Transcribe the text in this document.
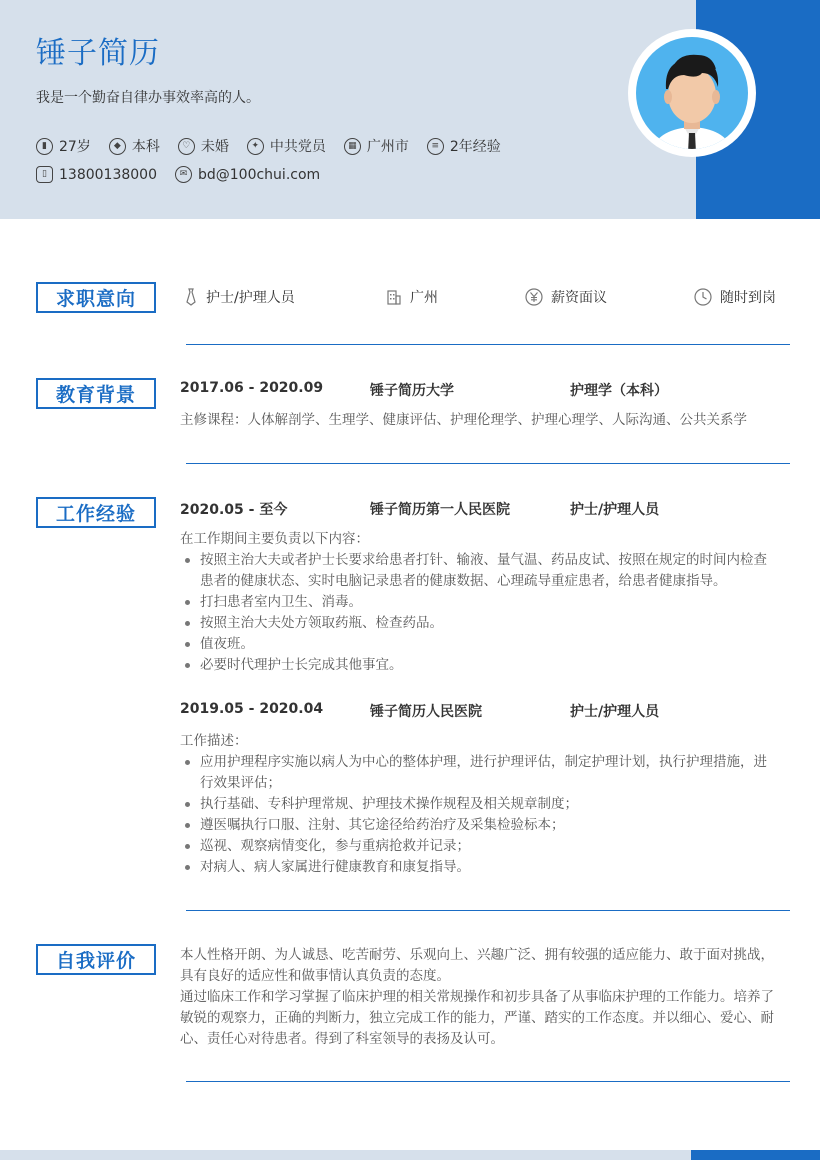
锤子简历
我是一个勤奋自律办事效率高的人。
▮ 27岁	◆ 本科	♡ 未婚	✦ 中共党员	▦ 广州市	≡ 2年经验
▯ 13800138000	✉ bd@100chui.com
求职意向	护士/护理人员	广州	薪资面议	随时到岗
教育背景	2017.06 - 2020.09	锤子简历大学	护理学（本科）
主修课程：人体解剖学、生理学、健康评估、护理伦理学、护理心理学、人际沟通、公共关系学
工作经验	2020.05 - 至今	锤子简历第一人民医院	护士/护理人员
在工作期间主要负责以下内容：
按照主治大夫或者护士长要求给患者打针、输液、量气温、药品皮试、按照在规定的时间内检查患者的健康状态、实时电脑记录患者的健康数据、心理疏导重症患者，给患者健康指导。
打扫患者室内卫生、消毒。
按照主治大夫处方领取药瓶、检查药品。
值夜班。
必要时代理护士长完成其他事宜。
2019.05 - 2020.04	锤子简历人民医院	护士/护理人员
工作描述：
应用护理程序实施以病人为中心的整体护理，进行护理评估，制定护理计划，执行护理措施，进行效果评估；
执行基础、专科护理常规、护理技术操作规程及相关规章制度；
遵医嘱执行口服、注射、其它途径给药治疗及采集检验标本；
巡视、观察病情变化，参与重病抢救并记录；
对病人、病人家属进行健康教育和康复指导。
自我评价	本人性格开朗、为人诚恳、吃苦耐劳、乐观向上、兴趣广泛、拥有较强的适应能力、敢于面对挑战，具有良好的适应性和做事情认真负责的态度。
通过临床工作和学习掌握了临床护理的相关常规操作和初步具备了从事临床护理的工作能力。培养了敏锐的观察力，正确的判断力，独立完成工作的能力，严谨、踏实的工作态度。并以细心、爱心、耐心、责任心对待患者。得到了科室领导的表扬及认可。
